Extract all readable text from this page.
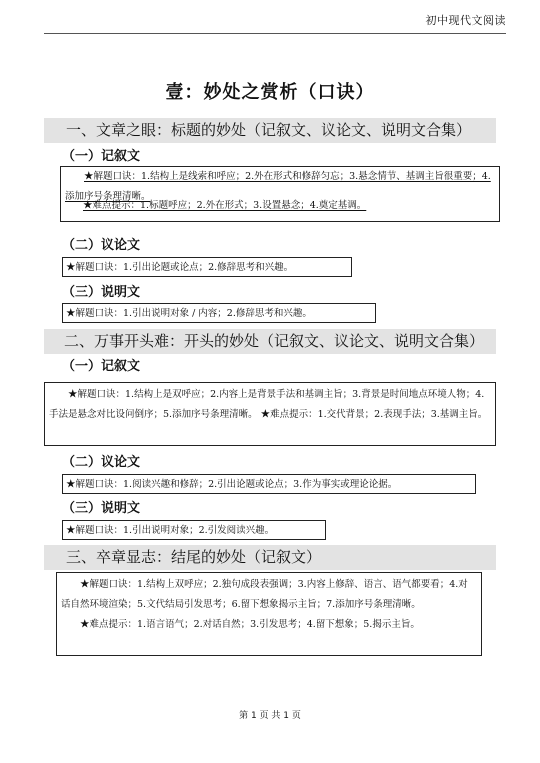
初中现代文阅读
壹：妙处之赏析（口诀）
一、文章之眼：标题的妙处（记叙文、议论文、说明文合集）
（一）记叙文

★解题口诀：1.结构上是线索和呼应；2.外在形式和修辞匀忘；3.悬念情节、基调主旨很重要；4.添加序号条理清晰。

★难点提示：1.标题呼应；2.外在形式；3.设置悬念；4.奠定基调。

（二）议论文

★解题口诀：1.引出论题或论点；2.修辞思考和兴趣。

（三）说明文

★解题口诀：1.引出说明对象 / 内容；2.修辞思考和兴趣。

二、万事开头难：开头的妙处（记叙文、议论文、说明文合集）
（一）记叙文

★解题口诀：1.结构上是双呼应；2.内容上是背景手法和基调主旨；3.背景是时间地点环境人物；4.手法是悬念对比设问倒序；5.添加序号条理清晰。 ★难点提示：1.交代背景；2.表现手法；3.基调主旨。

（二）议论文

★解题口诀：1.阅读兴趣和修辞；2.引出论题或论点；3.作为事实或理论论据。

（三）说明文

★解题口诀：1.引出说明对象；2.引发阅读兴趣。

三、卒章显志：结尾的妙处（记叙文）

★解题口诀：1.结构上双呼应；2.独句成段表强调；3.内容上修辞、语言、语气都要看；4.对话自然环境渲染；5.文代结局引发思考；6.留下想象揭示主旨；7.添加序号条理清晰。

★难点提示：1.语言语气；2.对话自然；3.引发思考；4.留下想象；5.揭示主旨。

第 1 页 共 1 页
